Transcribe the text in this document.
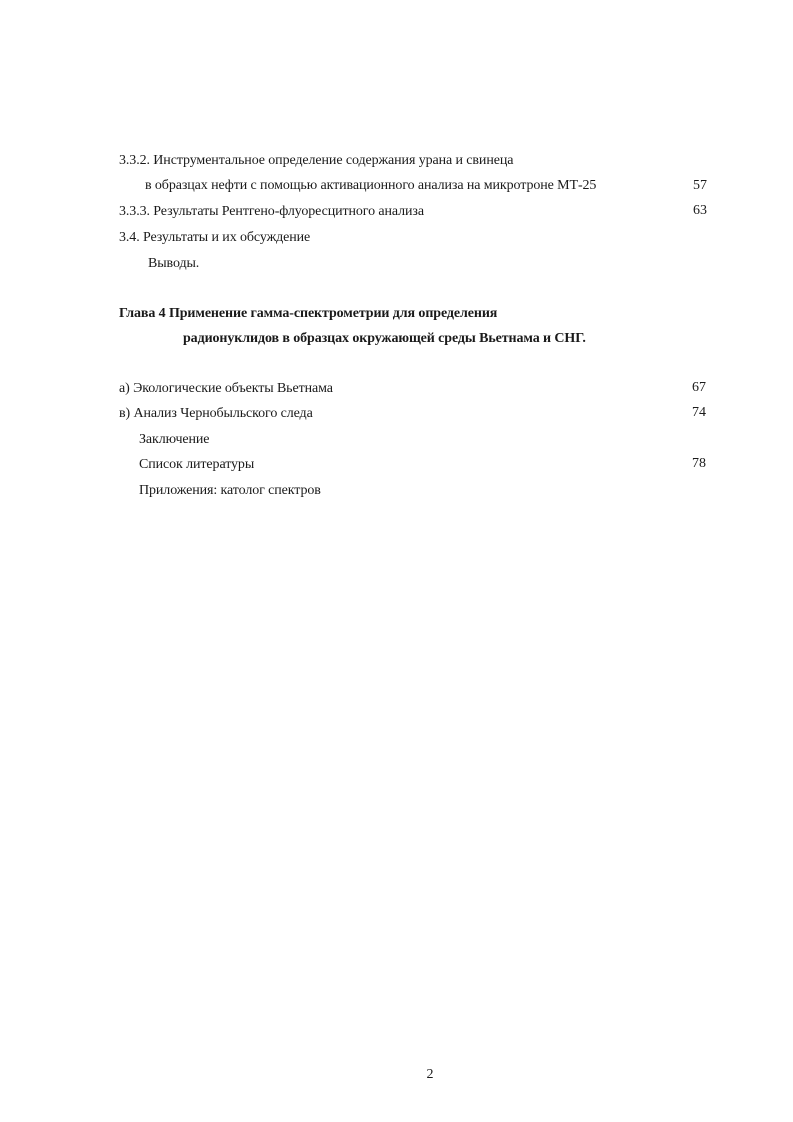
3.3.2. Инструментальное определение содержания урана и свинеца
в образцах нефти с помощью активационного анализа на микротроне МТ-25	57
3.3.3. Результаты Рентгено-флуоресцитного анализа	63
3.4. Результаты и их обсуждение
Выводы.
Глава 4 Применение гамма-спектрометрии для определения
радионуклидов в образцах окружающей среды Вьетнама и СНГ.
а) Экологические объекты Вьетнама	67
в) Анализ Чернобыльского следа	74
Заключение
Список литературы	78
Приложения: католог спектров
2
